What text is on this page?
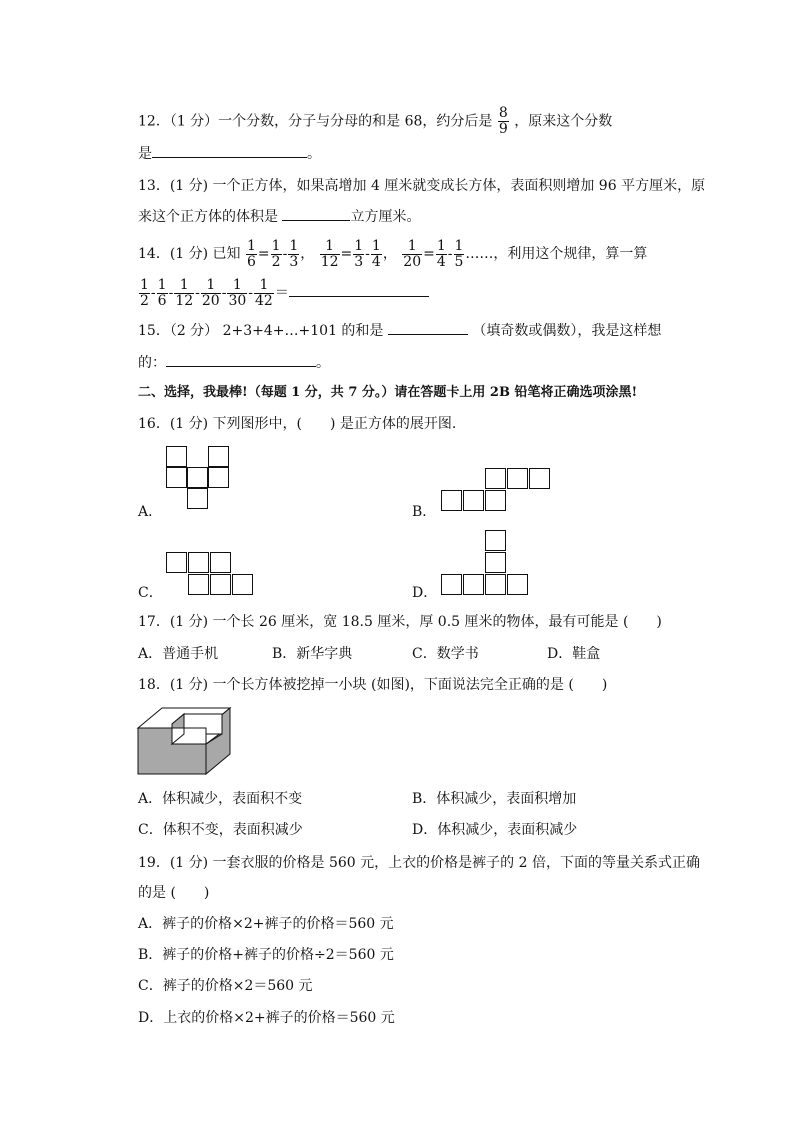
12．（1 分）一个分数，分子与分母的和是 68，约分后是 $\frac{8}{9}$ ，原来这个分数
是	。
13．(1 分) 一个正方体，如果高增加 4 厘米就变成长方体，表面积则增加 96 平方厘米，原
来这个正方体的体积是	立方厘米。
14．(1 分) 已知 $\frac{1}{6} = \frac{1}{2} - \frac{1}{3}$ ， $\frac{1}{12} = \frac{1}{3} - \frac{1}{4}$ ， $\frac{1}{20} = \frac{1}{4} - \frac{1}{5}$ ……，利用这个规律，算一算
$\frac{1}{2} - \frac{1}{6} - \frac{1}{12} - \frac{1}{20} - \frac{1}{30} - \frac{1}{42}$ ＝
15．（2 分） 2+3+4+…+101 的和是	（填奇数或偶数），我是这样想
的：	。
二、选择，我最棒!（每题 1 分，共 7 分。）请在答题卡上用 2B 铅笔将正确选项涂黑!
16．(1 分) 下列图形中，(　　) 是正方体的展开图.
A．	B．
C．	D．
17．(1 分) 一个长 26 厘米，宽 18.5 厘米，厚 0.5 厘米的物体，最有可能是 (　　)
A．普通手机	B．新华字典	C．数学书	D．鞋盒
18．(1 分) 一个长方体被挖掉一小块 (如图)，下面说法完全正确的是 (　　)
A．体积减少，表面积不变	B．体积减少，表面积增加
C．体积不变，表面积减少	D．体积减少，表面积减少
19．(1 分) 一套衣服的价格是 560 元，上衣的价格是裤子的 2 倍，下面的等量关系式正确
的是 (　　)
A．裤子的价格×2+裤子的价格＝560 元
B．裤子的价格+裤子的价格÷2＝560 元
C．裤子的价格×2＝560 元
D．上衣的价格×2+裤子的价格＝560 元
